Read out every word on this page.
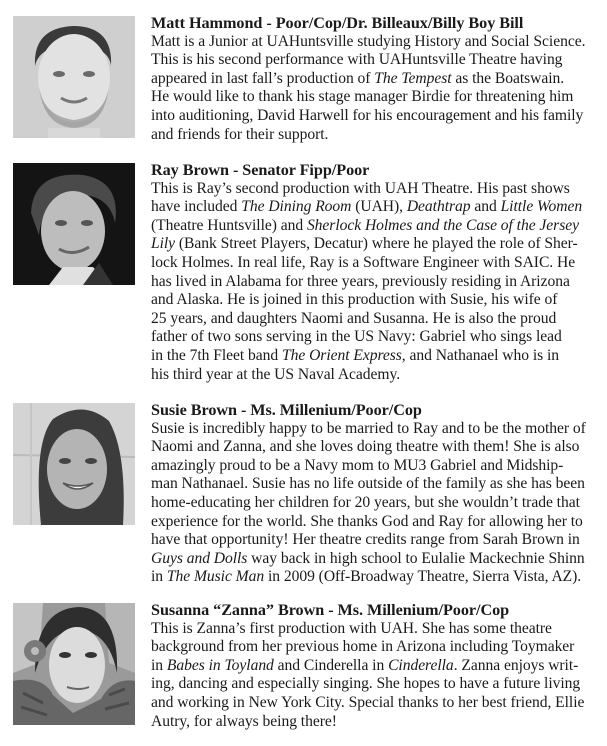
Matt Hammond - Poor/Cop/Dr. Billeaux/Billy Boy Bill
Matt is a Junior at UAHuntsville studying History and Social Science.
This is his second performance with UAHuntsville Theatre having
appeared in last fall’s production of The Tempest as the Boatswain.
He would like to thank his stage manager Birdie for threatening him
into auditioning, David Harwell for his encouragement and his family
and friends for their support.
Ray Brown - Senator Fipp/Poor
This is Ray’s second production with UAH Theatre. His past shows
have included The Dining Room (UAH), Deathtrap and Little Women
(Theatre Huntsville) and Sherlock Holmes and the Case of the Jersey
Lily (Bank Street Players, Decatur) where he played the role of Sher-
lock Holmes. In real life, Ray is a Software Engineer with SAIC. He
has lived in Alabama for three years, previously residing in Arizona
and Alaska. He is joined in this production with Susie, his wife of
25 years, and daughters Naomi and Susanna. He is also the proud
father of two sons serving in the US Navy: Gabriel who sings lead
in the 7th Fleet band The Orient Express, and Nathanael who is in
his third year at the US Naval Academy.
Susie Brown - Ms. Millenium/Poor/Cop
Susie is incredibly happy to be married to Ray and to be the mother of
Naomi and Zanna, and she loves doing theatre with them! She is also
amazingly proud to be a Navy mom to MU3 Gabriel and Midship-
man Nathanael. Susie has no life outside of the family as she has been
home-educating her children for 20 years, but she wouldn’t trade that
experience for the world. She thanks God and Ray for allowing her to
have that opportunity! Her theatre credits range from Sarah Brown in
Guys and Dolls way back in high school to Eulalie Mackechnie Shinn
in The Music Man in 2009 (Off-Broadway Theatre, Sierra Vista, AZ).
Susanna “Zanna” Brown - Ms. Millenium/Poor/Cop
This is Zanna’s first production with UAH. She has some theatre
background from her previous home in Arizona including Toymaker
in Babes in Toyland and Cinderella in Cinderella. Zanna enjoys writ-
ing, dancing and especially singing. She hopes to have a future living
and working in New York City. Special thanks to her best friend, Ellie
Autry, for always being there!
